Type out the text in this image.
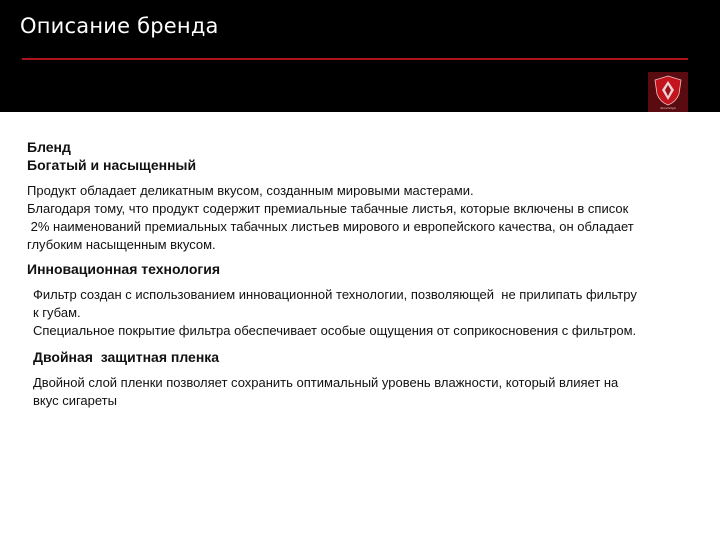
Описание бренда
Sovereign
Бленд
Богатый и насыщенный
Продукт обладает деликатным вкусом, созданным мировыми мастерами.
Благодаря тому, что продукт содержит премиальные табачные листья, которые включены в список
2% наименований премиальных табачных листьев мирового и европейского качества, он обладает
глубоким насыщенным вкусом.
Инновационная технология
Фильтр создан с использованием инновационной технологии, позволяющей  не прилипать фильтру
к губам.
Специальное покрытие фильтра обеспечивает особые ощущения от соприкосновения с фильтром.
Двойная  защитная пленка
Двойной слой пленки позволяет сохранить оптимальный уровень влажности, который влияет на
вкус сигареты
